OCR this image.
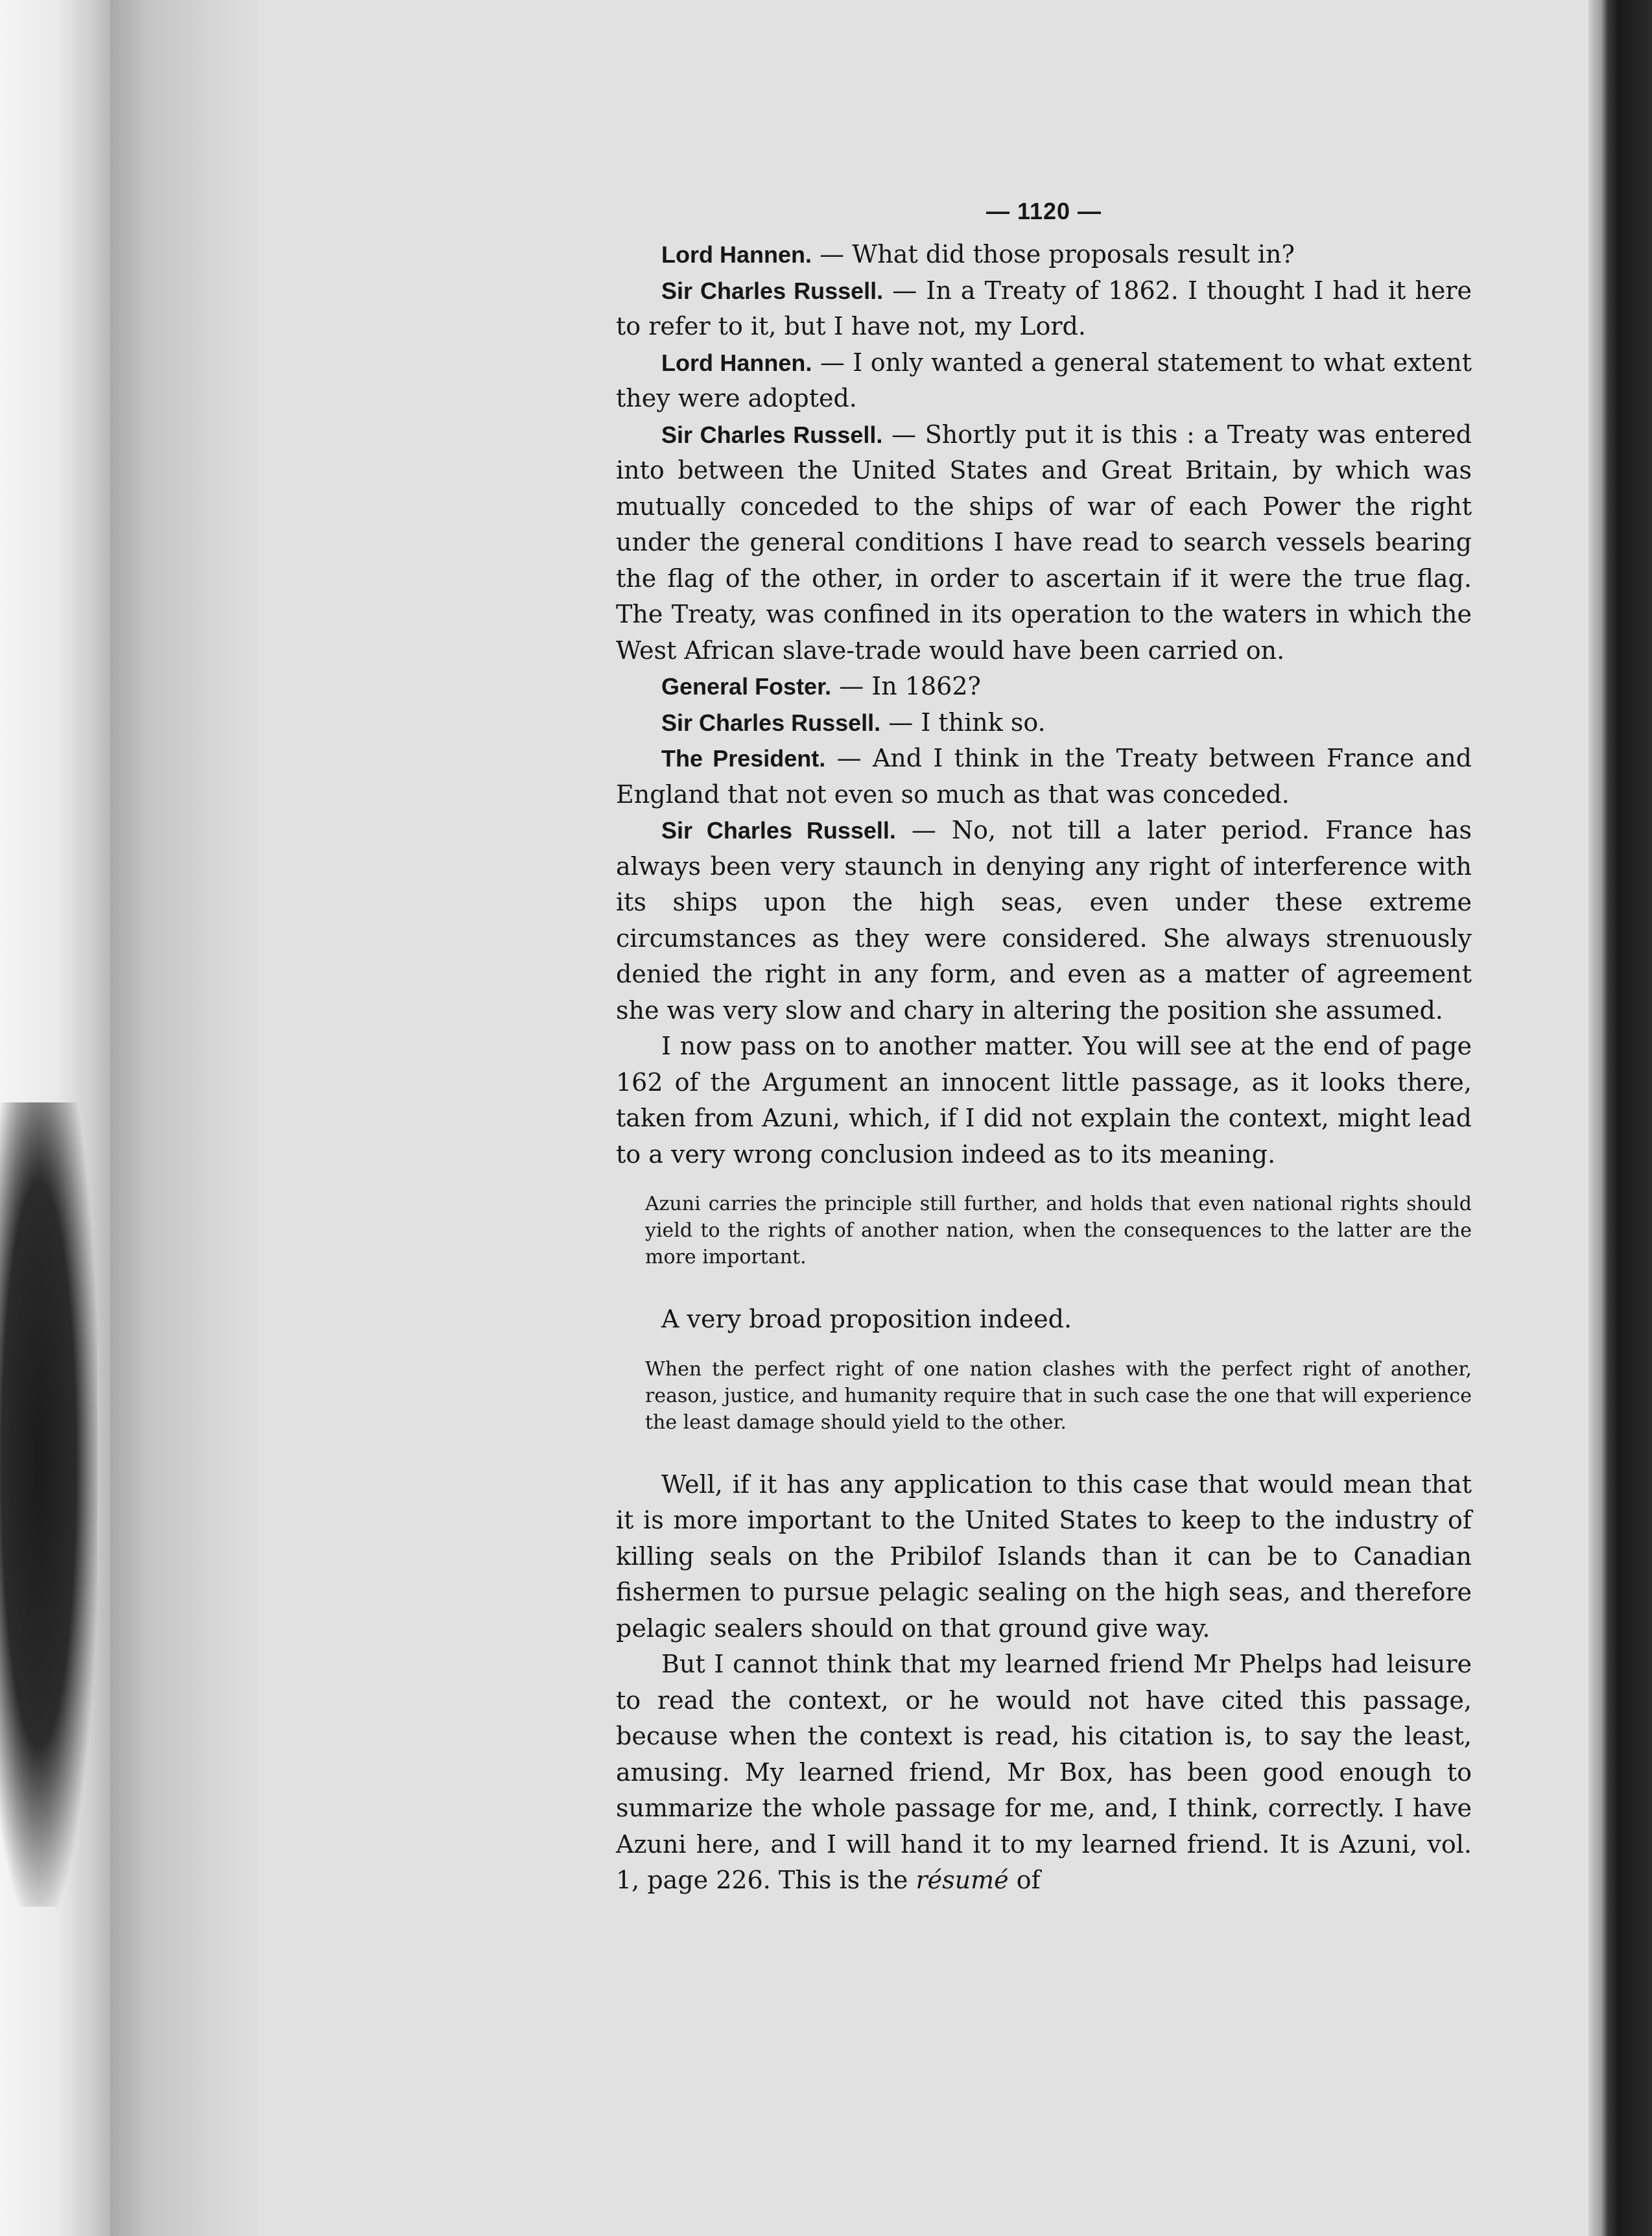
— 1120 —

Lord Hannen. — What did those proposals result in?

Sir Charles Russell. — In a Treaty of 1862. I thought I had it here to refer to it, but I have not, my Lord.

Lord Hannen. — I only wanted a general statement to what extent they were adopted.

Sir Charles Russell. — Shortly put it is this : a Treaty was entered into between the United States and Great Britain, by which was mutually conceded to the ships of war of each Power the right under the general conditions I have read to search vessels bearing the flag of the other, in order to ascertain if it were the true flag. The Treaty, was confined in its operation to the waters in which the West African slave-trade would have been carried on.

General Foster. — In 1862?

Sir Charles Russell. — I think so.

The President. — And I think in the Treaty between France and England that not even so much as that was conceded.

Sir Charles Russell. — No, not till a later period. France has always been very staunch in denying any right of interference with its ships upon the high seas, even under these extreme circumstances as they were considered. She always strenuously denied the right in any form, and even as a matter of agreement she was very slow and chary in altering the position she assumed.

I now pass on to another matter. You will see at the end of page 162 of the Argument an innocent little passage, as it looks there, taken from Azuni, which, if I did not explain the context, might lead to a very wrong conclusion indeed as to its meaning.

Azuni carries the principle still further, and holds that even national rights should yield to the rights of another nation, when the consequences to the latter are the more important.

A very broad proposition indeed.

When the perfect right of one nation clashes with the perfect right of another, reason, justice, and humanity require that in such case the one that will experience the least damage should yield to the other.

Well, if it has any application to this case that would mean that it is more important to the United States to keep to the industry of killing seals on the Pribilof Islands than it can be to Canadian fishermen to pursue pelagic sealing on the high seas, and therefore pelagic sealers should on that ground give way.

But I cannot think that my learned friend Mr Phelps had leisure to read the context, or he would not have cited this passage, because when the context is read, his citation is, to say the least, amusing. My learned friend, Mr Box, has been good enough to summarize the whole passage for me, and, I think, correctly. I have Azuni here, and I will hand it to my learned friend. It is Azuni, vol. 1, page 226. This is the résumé of
